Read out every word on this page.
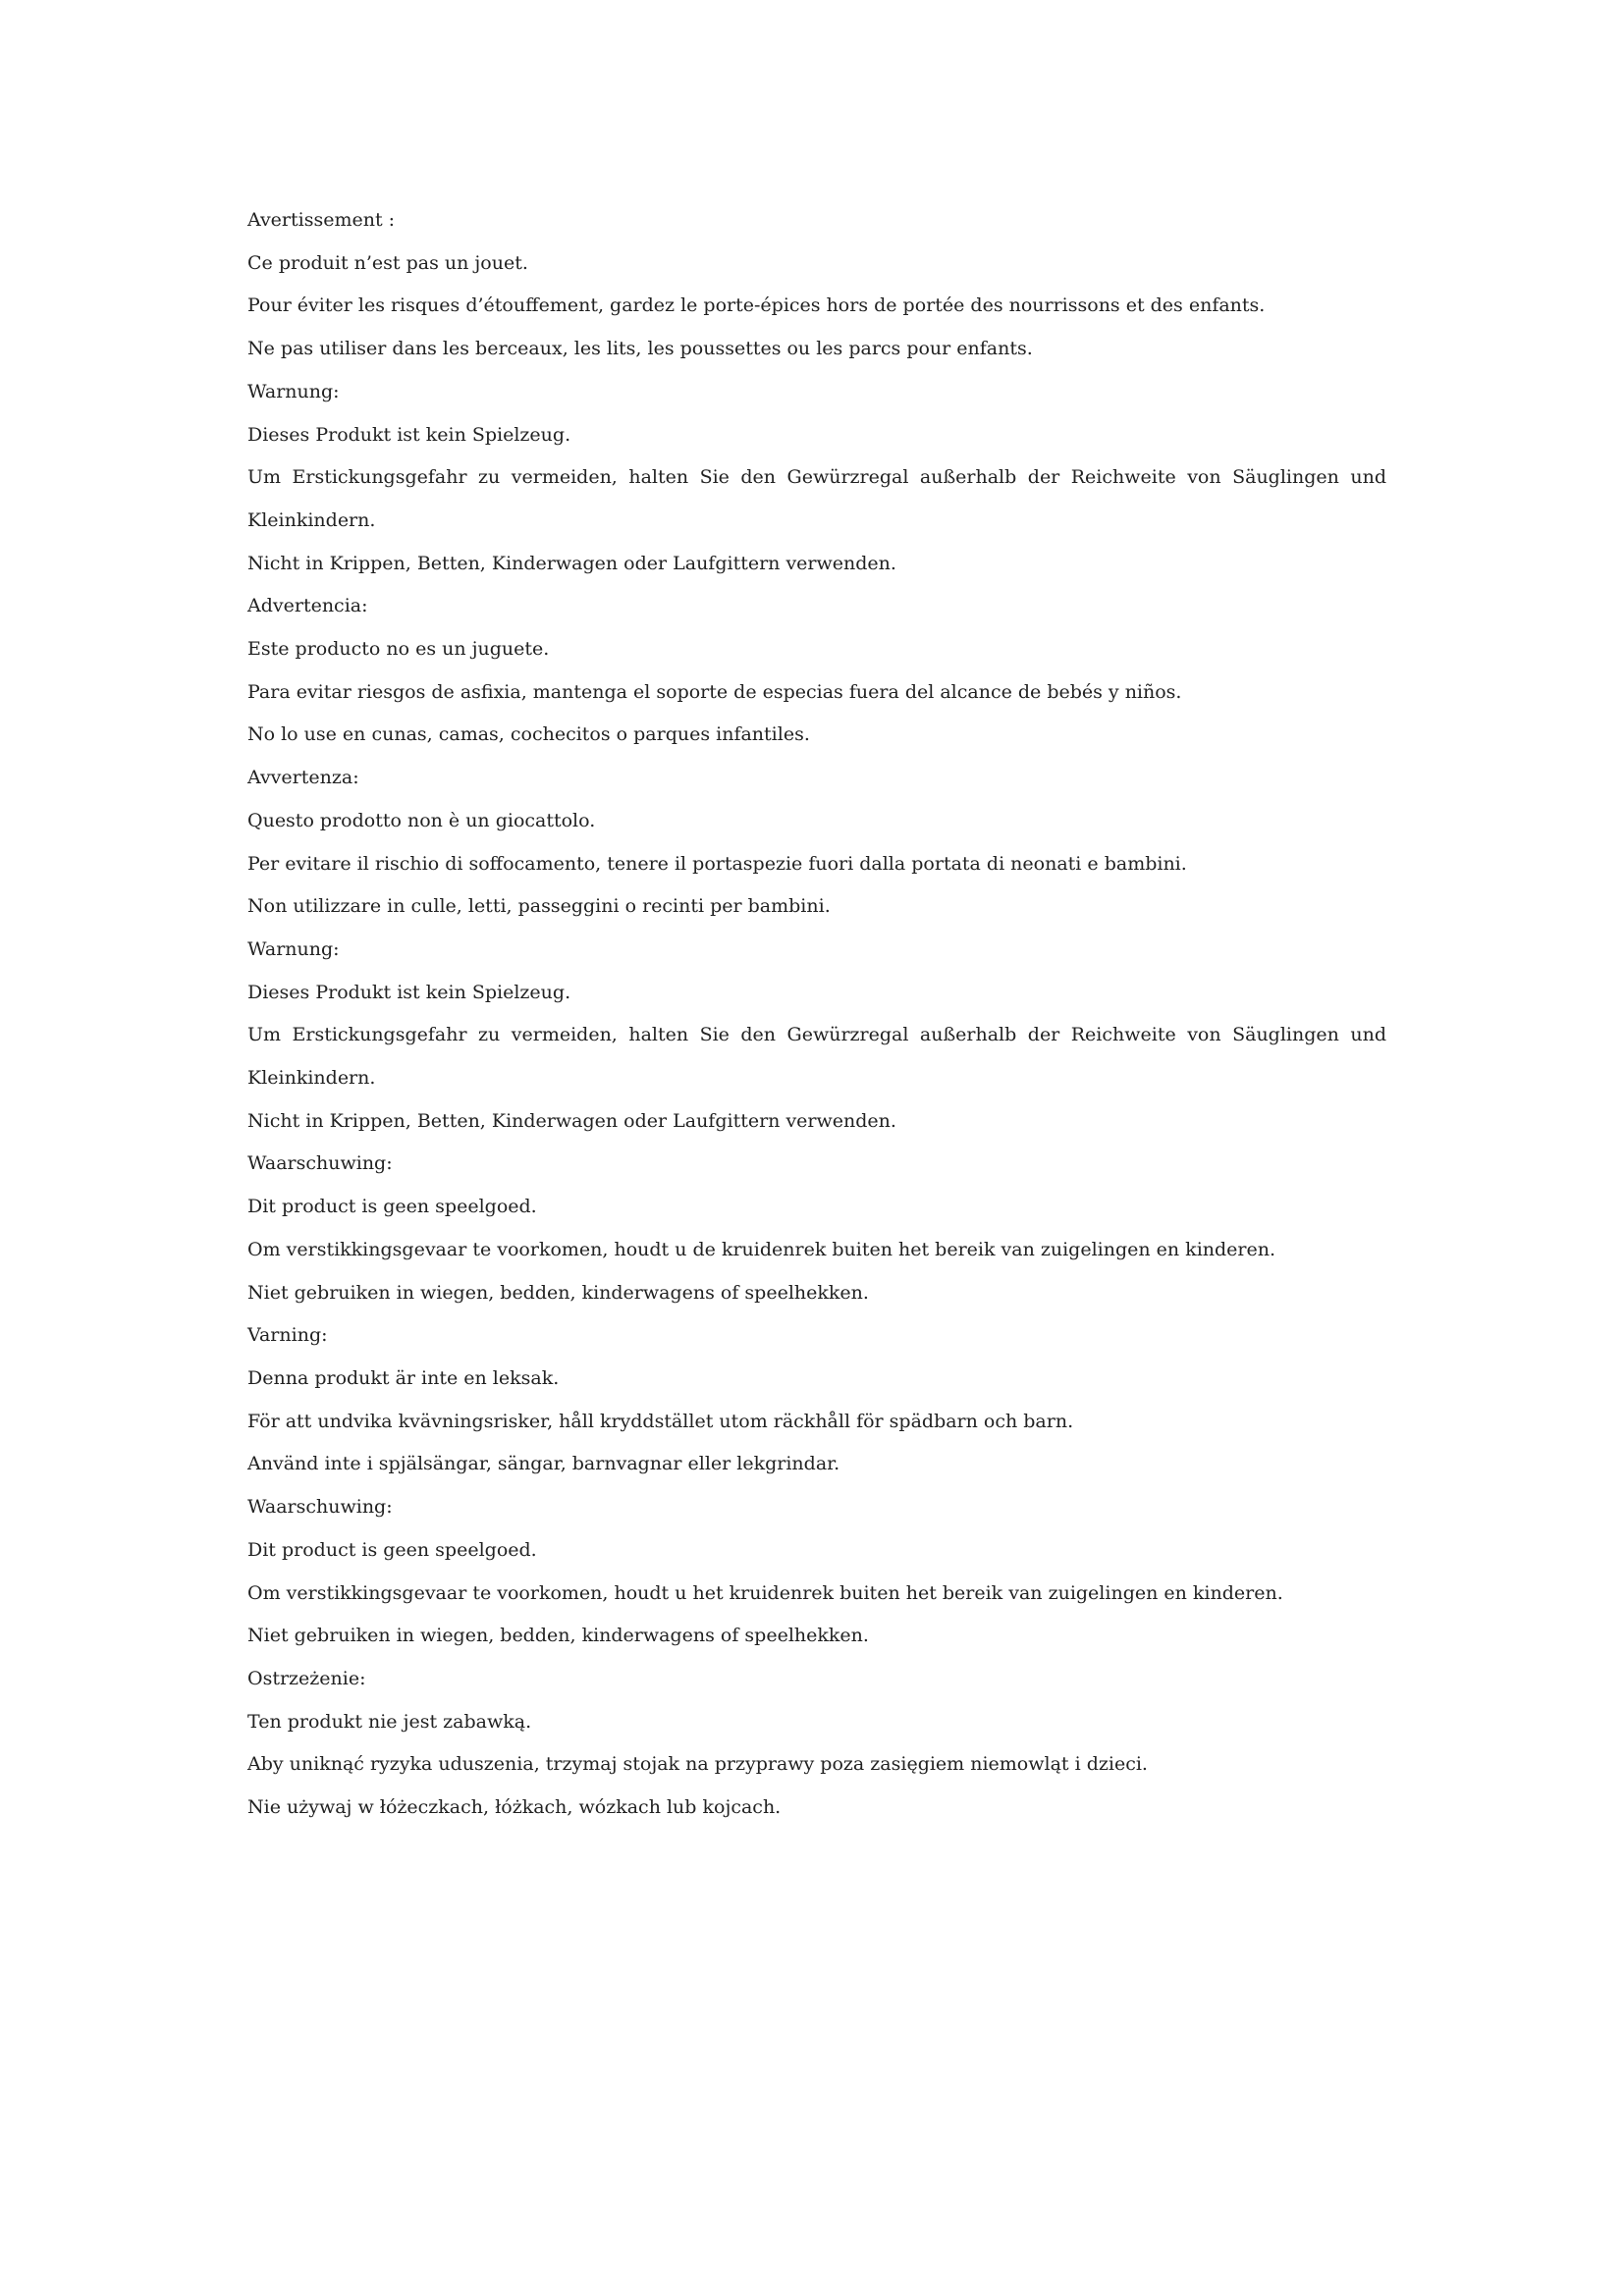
Avertissement :

Ce produit n’est pas un jouet.

Pour éviter les risques d’étouffement, gardez le porte-épices hors de portée des nourrissons et des enfants.

Ne pas utiliser dans les berceaux, les lits, les poussettes ou les parcs pour enfants.

Warnung:

Dieses Produkt ist kein Spielzeug.

Um Erstickungsgefahr zu vermeiden, halten Sie den Gewürzregal außerhalb der Reichweite von Säuglingen und

Kleinkindern.

Nicht in Krippen, Betten, Kinderwagen oder Laufgittern verwenden.

Advertencia:

Este producto no es un juguete.

Para evitar riesgos de asfixia, mantenga el soporte de especias fuera del alcance de bebés y niños.

No lo use en cunas, camas, cochecitos o parques infantiles.

Avvertenza:

Questo prodotto non è un giocattolo.

Per evitare il rischio di soffocamento, tenere il portaspezie fuori dalla portata di neonati e bambini.

Non utilizzare in culle, letti, passeggini o recinti per bambini.

Warnung:

Dieses Produkt ist kein Spielzeug.

Um Erstickungsgefahr zu vermeiden, halten Sie den Gewürzregal außerhalb der Reichweite von Säuglingen und

Kleinkindern.

Nicht in Krippen, Betten, Kinderwagen oder Laufgittern verwenden.

Waarschuwing:

Dit product is geen speelgoed.

Om verstikkingsgevaar te voorkomen, houdt u de kruidenrek buiten het bereik van zuigelingen en kinderen.

Niet gebruiken in wiegen, bedden, kinderwagens of speelhekken.

Varning:

Denna produkt är inte en leksak.

För att undvika kvävningsrisker, håll kryddstället utom räckhåll för spädbarn och barn.

Använd inte i spjälsängar, sängar, barnvagnar eller lekgrindar.

Waarschuwing:

Dit product is geen speelgoed.

Om verstikkingsgevaar te voorkomen, houdt u het kruidenrek buiten het bereik van zuigelingen en kinderen.

Niet gebruiken in wiegen, bedden, kinderwagens of speelhekken.

Ostrzeżenie:

Ten produkt nie jest zabawką.

Aby uniknąć ryzyka uduszenia, trzymaj stojak na przyprawy poza zasięgiem niemowląt i dzieci.

Nie używaj w łóżeczkach, łóżkach, wózkach lub kojcach.
